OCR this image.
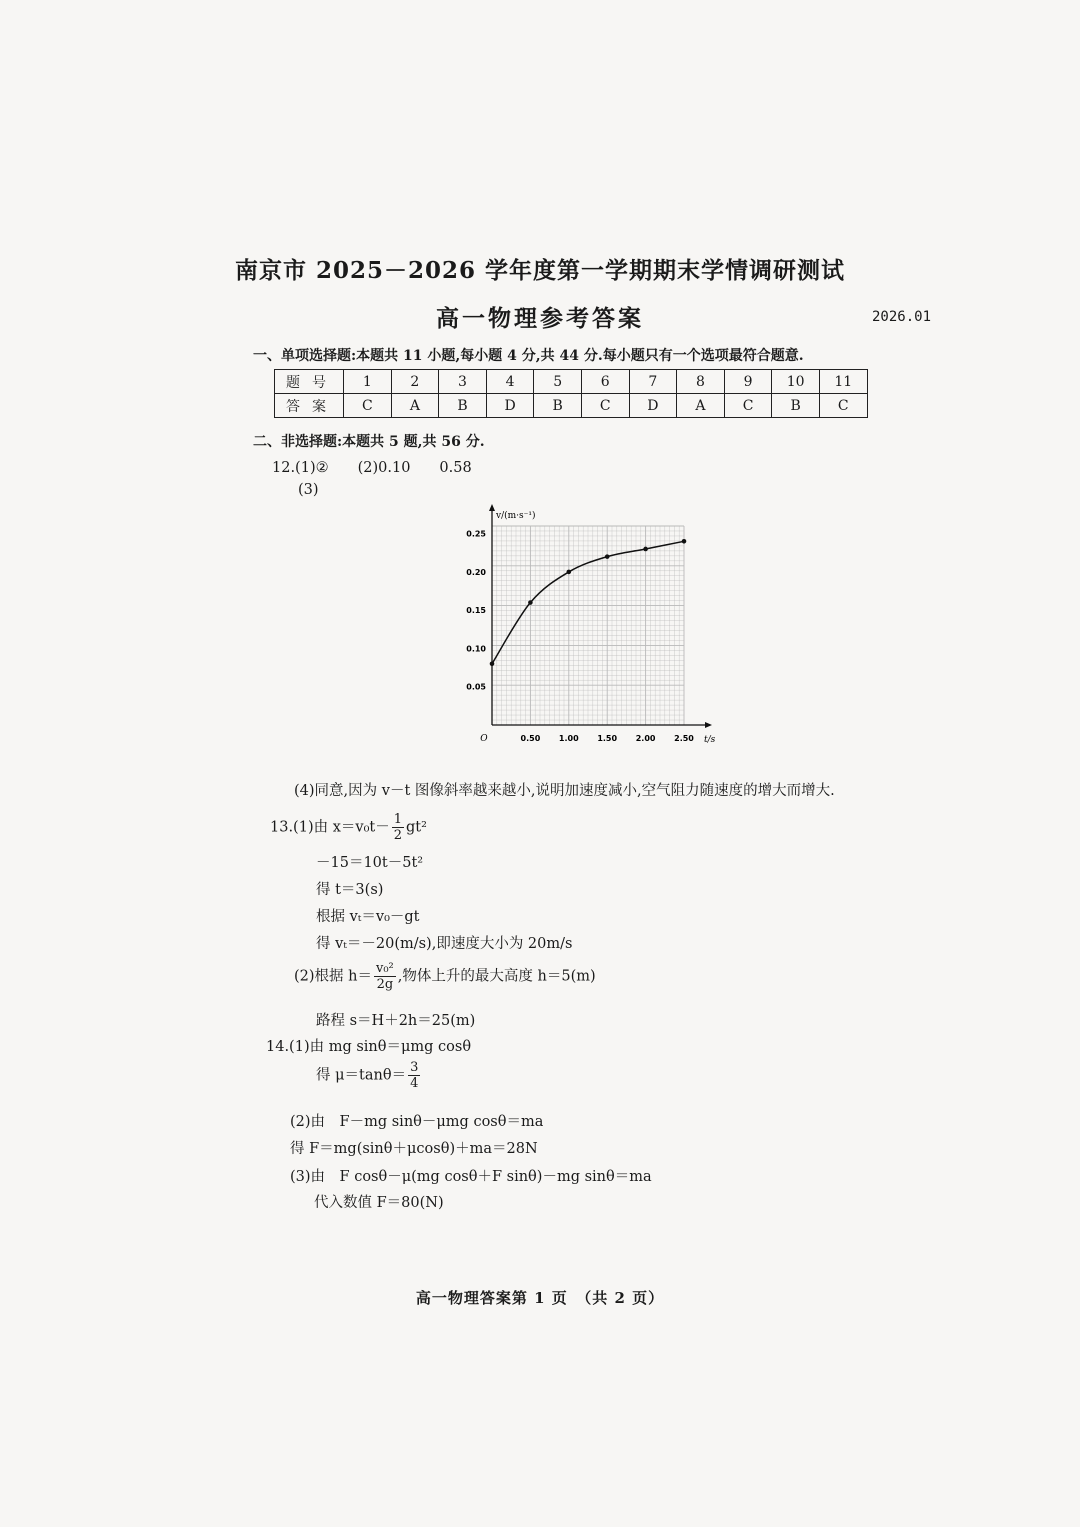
南京市 2025－2026 学年度第一学期期末学情调研测试
高一物理参考答案	2026.01
一、单项选择题:本题共 11 小题,每小题 4 分,共 44 分.每小题只有一个选项最符合题意.
题号	1	2	3	4	5	6	7	8	9	10	11
答案	C	A	B	D	B	C	D	A	C	B	C
二、非选择题:本题共 5 题,共 56 分.
12.(1)②　　(2)0.10　　0.58
(3)
0.50 1.00 1.50 2.00 2.50
0.05
0.10
0.15
0.20
0.25
O	t/s
v/(m·s⁻¹)
(4)同意,因为 v－t 图像斜率越来越小,说明加速度减小,空气阻力随速度的增大而增大.
13.(1)由 $x=v_0t- \frac{1}{2} gt^2$
－15＝10t－5t²
得 t＝3(s)
根据 vₜ＝v₀－gt
得 vₜ＝－20(m/s),即速度大小为 20m/s
(2)根据 $h= \frac{\text{v₀²}}{2g}$ ,物体上升的最大高度 h＝5(m)
路程 s＝H＋2h＝25(m)
14.(1)由 mg sinθ＝μmg cosθ
得 $\mu=\tan\theta= \frac{3}{4}$
(2)由　F－mg sinθ－μmg cosθ＝ma
得 F＝mg(sinθ＋μcosθ)＋ma＝28N
(3)由　F cosθ－μ(mg cosθ＋F sinθ)－mg sinθ＝ma
代入数值 F＝80(N)
高一物理答案第 1 页　（共 2 页）
